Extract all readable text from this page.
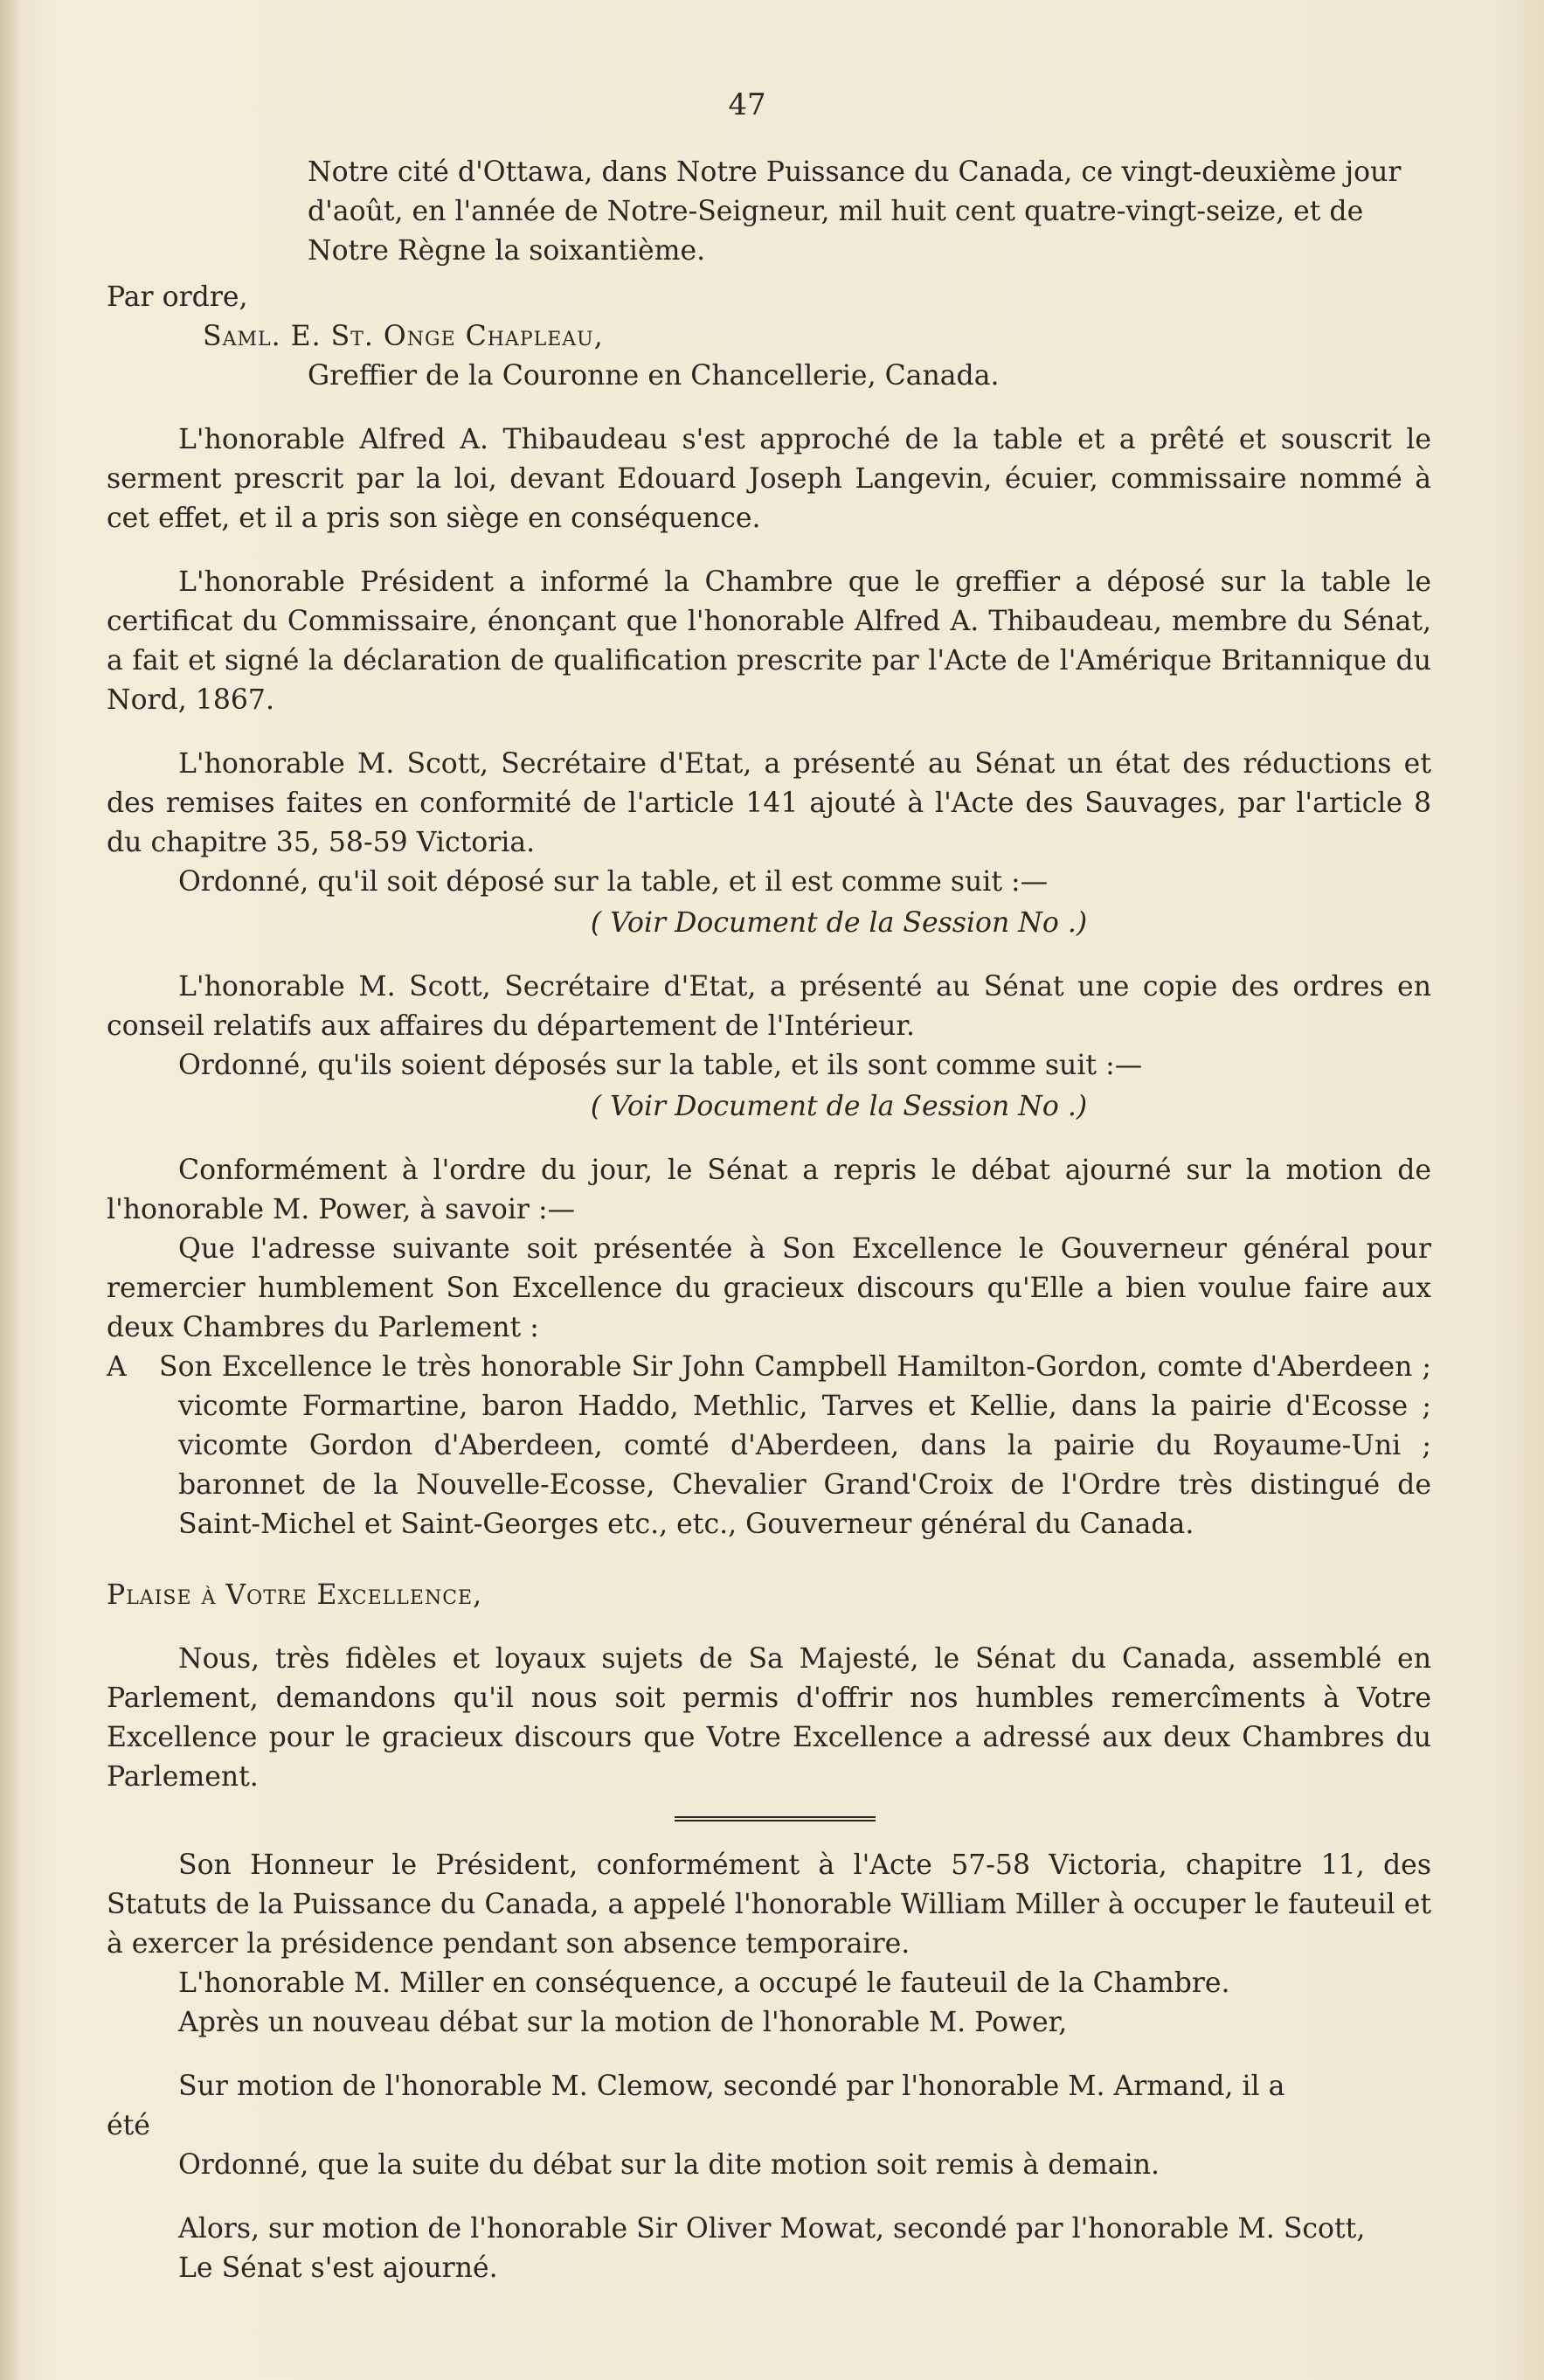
47

Notre cité d'Ottawa, dans Notre Puissance du Canada, ce vingt-deuxième jour d'août, en l'année de Notre-Seigneur, mil huit cent quatre-vingt-seize, et de Notre Règne la soixantième.

Par ordre,

Saml. E. St. Onge Chapleau,

Greffier de la Couronne en Chancellerie, Canada.

L'honorable Alfred A. Thibaudeau s'est approché de la table et a prêté et souscrit le serment prescrit par la loi, devant Edouard Joseph Langevin, écuier, commissaire nommé à cet effet, et il a pris son siège en conséquence.

L'honorable Président a informé la Chambre que le greffier a déposé sur la table le certificat du Commissaire, énonçant que l'honorable Alfred A. Thibaudeau, membre du Sénat, a fait et signé la déclaration de qualification prescrite par l'Acte de l'Amérique Britannique du Nord, 1867.

L'honorable M. Scott, Secrétaire d'Etat, a présenté au Sénat un état des réductions et des remises faites en conformité de l'article 141 ajouté à l'Acte des Sauvages, par l'article 8 du chapitre 35, 58-59 Victoria.

Ordonné, qu'il soit déposé sur la table, et il est comme suit :—

( Voir Document de la Session No .)

L'honorable M. Scott, Secrétaire d'Etat, a présenté au Sénat une copie des ordres en conseil relatifs aux affaires du département de l'Intérieur.

Ordonné, qu'ils soient déposés sur la table, et ils sont comme suit :—

( Voir Document de la Session No .)

Conformément à l'ordre du jour, le Sénat a repris le débat ajourné sur la motion de l'honorable M. Power, à savoir :—

Que l'adresse suivante soit présentée à Son Excellence le Gouverneur général pour remercier humblement Son Excellence du gracieux discours qu'Elle a bien voulue faire aux deux Chambres du Parlement :

A Son Excellence le très honorable Sir John Campbell Hamilton-Gordon, comte d'Aberdeen ; vicomte Formartine, baron Haddo, Methlic, Tarves et Kellie, dans la pairie d'Ecosse ; vicomte Gordon d'Aberdeen, comté d'Aberdeen, dans la pairie du Royaume-Uni ; baronnet de la Nouvelle-Ecosse, Chevalier Grand'Croix de l'Ordre très distingué de Saint-Michel et Saint-Georges etc., etc., Gouverneur général du Canada.

Plaise à Votre Excellence,

Nous, très fidèles et loyaux sujets de Sa Majesté, le Sénat du Canada, assemblé en Parlement, demandons qu'il nous soit permis d'offrir nos humbles remercîments à Votre Excellence pour le gracieux discours que Votre Excellence a adressé aux deux Chambres du Parlement.

Son Honneur le Président, conformément à l'Acte 57-58 Victoria, chapitre 11, des Statuts de la Puissance du Canada, a appelé l'honorable William Miller à occuper le fauteuil et à exercer la présidence pendant son absence temporaire.

L'honorable M. Miller en conséquence, a occupé le fauteuil de la Chambre.

Après un nouveau débat sur la motion de l'honorable M. Power,

Sur motion de l'honorable M. Clemow, secondé par l'honorable M. Armand, il a

été

Ordonné, que la suite du débat sur la dite motion soit remis à demain.

Alors, sur motion de l'honorable Sir Oliver Mowat, secondé par l'honorable M. Scott,

Le Sénat s'est ajourné.
